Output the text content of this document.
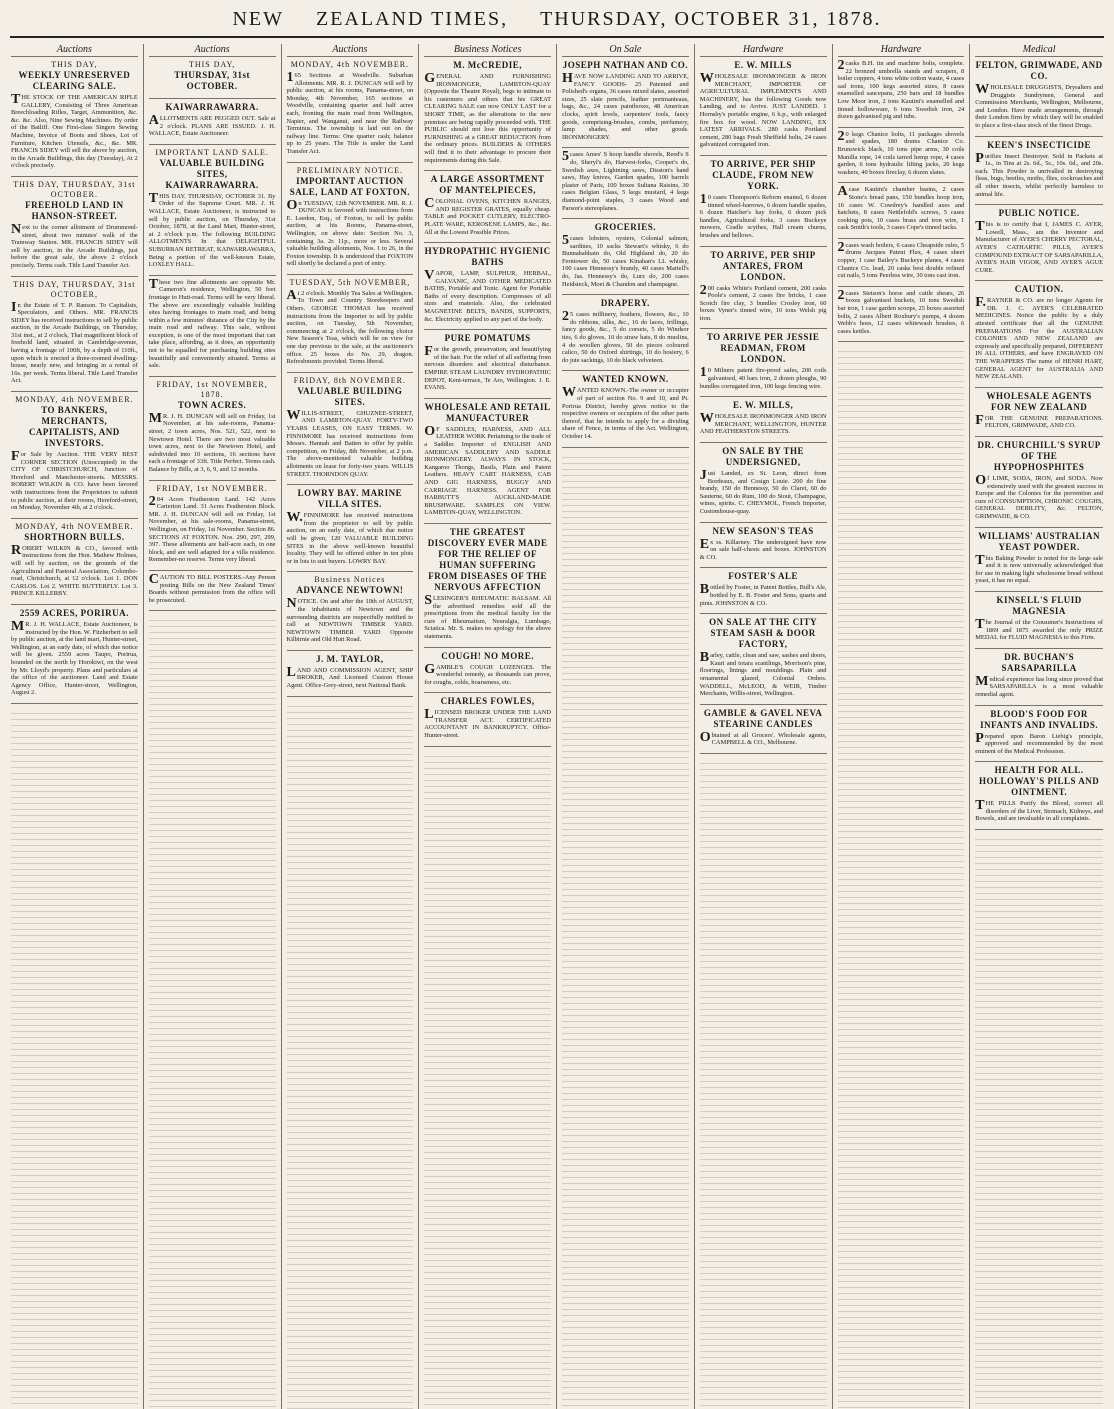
NEW ZEALAND TIMES, THURSDAY, OCTOBER 31, 1878.
Auctions
THIS DAY,
WEEKLY UNRESERVED CLEARING SALE.
THE STOCK OF THE AMERICAN RIFLE GALLERY, Consisting of Three American Breechloading Rifles, Target, Ammunition, &c. &c. &c. Also, Nine Sewing Machines. By order of the Bailiff. One First-class Singers Sewing Machine, Invoice of Boots and Shoes, Lot of Furniture, Kitchen Utensils, &c., &c. MR. FRANCIS SIDEY will sell the above by auction, in the Arcade Buildings, this day (Tuesday), At 2 o'clock precisely.
THIS DAY, THURSDAY, 31st OCTOBER.
FREEHOLD LAND IN HANSON-STREET.
Next to the corner allotment of Drummond-street, about two minutes' walk of the Tramway Station. MR. FRANCIS SIDEY will sell by auction, in the Arcade Buildings, just before the great sale, the above 2 o'clock precisely. Terms cash. Title Land Transfer Act.
THIS DAY, THURSDAY, 31st OCTOBER,
In the Estate of T. P. Ranson. To Capitalists, Speculators, and Others. MR. FRANCIS SIDEY has received instructions to sell by public auction, in the Arcade Buildings, on Thursday, 31st inst., at 2 o'clock, That magnificent block of freehold land, situated in Cambridge-avenue, having a frontage of 100ft, by a depth of 110ft., upon which is erected a three-roomed dwelling-house, nearly new, and bringing in a rental of 16s. per week. Terms liberal. Title Land Transfer Act.
MONDAY, 4th NOVEMBER.
TO BANKERS, MERCHANTS, CAPITALISTS, AND INVESTORS.
For Sale by Auction. THE VERY BEST CORNER SECTION (Unoccupied) in the CITY OF CHRISTCHURCH, Junction of Hereford and Manchester-streets. MESSRS. ROBERT WILKIN & CO. have been favored with instructions from the Proprietors to submit to public auction, at their rooms, Hereford-street, on Monday, November 4th, at 2 o'clock.
MONDAY, 4th NOVEMBER.
SHORTHORN BULLS.
ROBERT WILKIN & CO., favored with instructions from the Hon. Mathew Holmes, will sell by auction, on the grounds of the Agricultural and Pastoral Association, Colombo-road, Christchurch, at 12 o'clock. Lot 1. DON CARLOS. Lot 2. WHITE BUTTERFLY. Lot 3. PRINCE KILLERBY.
2559 ACRES, PORIRUA.
MR. J. H. WALLACE, Estate Auctioneer, is instructed by the Hon. W. Fitzherbert to sell by public auction, at the land mart, Hunter-street, Wellington, at an early date, of which due notice will be given. 2559 acres Taupo, Porirua, bounded on the north by Horokiwi, on the west by Mr. Lloyd's property. Plans and particulars at the office of the auctioneer. Land and Estate Agency Office, Hunter-street, Wellington, August 2.
Auctions
THIS DAY,
THURSDAY, 31st OCTOBER.
KAIWARRAWARRA.
ALLOTMENTS ARE PEGGED OUT. Sale at 2 o'clock. PLANS ARE ISSUED. J. H. WALLACE, Estate Auctioneer.
IMPORTANT LAND SALE.
VALUABLE BUILDING SITES, KAIWARRAWARRA.
THIS DAY. THURSDAY, OCTOBER 31. By Order of the Supreme Court. MR. J. H. WALLACE, Estate Auctioneer, is instructed to sell by public auction, on Thursday, 31st October, 1878, at the Land Mart, Hunter-street, at 2 o'clock p.m. The following BUILDING ALLOTMENTS In that DELIGHTFUL SUBURBAN RETREAT, KAIWARRAWARRA, Being a portion of the well-known Estate, LOXLEY HALL.
These two fine allotments are opposite Mr. Cameron's residence, Wellington, 50 feet frontage to Hutt-road. Terms will be very liberal. The above are exceedingly valuable building sites having frontages to main road, and being within a few minutes' distance of the City by the main road and railway. This sale, without exception, is one of the most important that can take place, affording, as it does, an opportunity not to be equalled for purchasing building sites beautifully and conveniently situated. Terms at sale.
FRIDAY, 1st NOVEMBER, 1878.
TOWN ACRES.
MR. J. H. DUNCAN will sell on Friday, 1st November, at his sale-rooms, Panama-street, 2 town acres, Nos. 521, 522, next to Newtown Hotel. There are two most valuable town acres, next to the Newtown Hotel, and subdivided into 10 sections, 16 sections have each a frontage of 33ft. Title Perfect. Terms cash. Balance by Bills, at 3, 6, 9, and 12 months.
FRIDAY, 1st NOVEMBER.
284 Acres Featherston Land. 142 Acres Carterton Land. 31 Acres Featherston Block. MR. J. H. DUNCAN will sell on Friday, 1st November, at his sale-rooms, Panama-street, Wellington, on Friday, 1st November. Section 86. SECTIONS AT FOXTON. Nos. 290, 297, 299, 397. These allotments are half-acre each, in one block, and are well adapted for a villa residence. Remember-no reserve. Terms very liberal.
CAUTION TO BILL POSTERS.-Any Person posting Bills on the New Zealand Times' Boards without permission from the office will be prosecuted.
Auctions
MONDAY, 4th NOVEMBER.
165 Sections at Woodville. Suburban Allotments. MR. R. J. DUNCAN will sell by public auction, at his rooms, Panama-street, on Monday, 4th November, 165 sections at Woodville, containing quarter and half acres each, fronting the main road from Wellington, Napier, and Wanganui, and near the Railway Terminus. The township is laid out on the railway line. Terms: One quarter cash; balance up to 25 years. The Title is under the Land Transfer Act.
PRELIMINARY NOTICE.
IMPORTANT AUCTION SALE, LAND AT FOXTON.
On TUESDAY, 12th NOVEMBER. MR. R. J. DUNCAN is favored with instructions from E. Leedon, Esq., of Foxton, to sell by public auction, at his Rooms, Panama-street, Wellington, on above date: Section No. 3, containing 3a. 2r. 11p., more or less. Several valuable building allotments, Nos. 1 to 26, in the Foxton township. It is understood that FOXTON will shortly be declared a port of entry.
TUESDAY, 5th NOVEMBER,
At 2 o'clock. Monthly Tea Sales at Wellington. To Town and Country Storekeepers and Others. GEORGE THOMAS has received instructions from the Importer to sell by public auction, on Tuesday, 5th November, commencing at 2 o'clock, the following choice New Season's Teas, which will be on view for one day previous to the sale, at the auctioneer's office. 25 boxes do No. 29, dragon. Refreshments provided. Terms liberal.
FRIDAY, 8th NOVEMBER.
VALUABLE BUILDING SITES.
WILLIS-STREET, GHUZNEE-STREET, AND LAMBTON-QUAY. FORTY-TWO YEARS LEASES, ON EASY TERMS. W. FINNIMORE has received instructions from Messrs. Hannah and Batten to offer by public competition, on Friday, 8th November, at 2 p.m. The above-mentioned valuable building allotments on lease for forty-two years. WILLIS STREET. THORNDON QUAY.
LOWRY BAY. MARINE VILLA SITES.
W.FINNIMORE has received instructions from the proprietor to sell by public auction, on an early date, of which due notice will be given, 120 VALUABLE BUILDING SITES in the above well-known beautiful locality. They will be offered either in ten plots or in lots to suit buyers. LOWRY BAY.
Business Notices
ADVANCE NEWTOWN!
NOTICE. On and after the 10th of AUGUST, the inhabitants of Newtown and the surrounding districts are respectfully notified to call at NEWTOWN TIMBER YARD. NEWTOWN TIMBER YARD Opposite Kilbirnie and Old Hutt Road.
J. M. TAYLOR,
LAND AND COMMISSION AGENT, SHIP BROKER, And Licensed Custom House Agent. Office-Grey-street, next National Bank.
Business Notices
M. McCREDIE,
GENERAL AND FURNISHING IRONMONGER, LAMBTON-QUAY (Opposite the Theatre Royal), begs to intimate to his customers and others that his GREAT CLEARING SALE can now ONLY LAST for a SHORT TIME, as the alterations to the new premises are being rapidly proceeded with. THE PUBLIC should not lose this opportunity of FURNISHING at a GREAT REDUCTION from the ordinary prices. BUILDERS & OTHERS will find it to their advantage to procure their requirements during this Sale.
A LARGE ASSORTMENT OF MANTELPIECES,
COLONIAL OVENS, KITCHEN RANGES, AND REGISTER GRATES, equally cheap. TABLE and POCKET CUTLERY, ELECTRO-PLATE WARE, KEROSENE LAMPS, &c., &c. All at the Lowest Possible Prices.
HYDROPATHIC HYGIENIC BATHS
VAPOR, LAMP, SULPHUR, HERBAL, GALVANIC, AND OTHER MEDICATED BATHS, Portable and Tonic. Agent for Portable Baths of every description. Compresses of all sizes and materials. Also, the celebrated MAGNETINE BELTS, BANDS, SUPPORTS, &c. Electricity applied to any part of the body.
PURE POMATUMS
For the growth, preservation, and beautifying of the hair. For the relief of all suffering from nervous disorders and electrical disturbance. EMPIRE STEAM LAUNDRY HYDROPATHIC DEPOT, Kent-terrace, Te Aro, Wellington. J. E. EVANS.
WHOLESALE AND RETAIL MANUFACTURER
OF SADDLES, HARNESS, AND ALL LEATHER WORK Pertaining to the trade of a Saddler. Importer of ENGLISH AND AMERICAN SADDLERY AND SADDLE IRONMONGERY. ALWAYS IN STOCK, Kangaroo Thongs, Basils, Plain and Patent Leathers. HEAVY CART HARNESS, CAB AND GIG HARNESS, BUGGY AND CARRIAGE HARNESS. AGENT FOR HARBUTT'S AUCKLAND-MADE BRUSHWARE. SAMPLES ON VIEW. LAMBTON-QUAY, WELLINGTON.
THE GREATEST DISCOVERY EVER MADE FOR THE RELIEF OF HUMAN SUFFERING FROM DISEASES OF THE NERVOUS AFFECTION
SLESINGER'S RHEUMATIC BALSAM. All the advertised remedies sold all the prescriptions from the medical faculty for the cure of Rheumatism, Neuralgia, Lumbago, Sciatica. Mr. S. makes no apology for the above statements.
COUGH! NO MORE.
GAMBLE'S COUGH LOZENGES. The wonderful remedy, as thousands can prove, for coughs, colds, hoarseness, etc.
CHARLES FOWLES,
LICENSED BROKER UNDER THE LAND TRANSFER ACT. CERTIFICATED ACCOUNTANT IN BANKRUPTCY. Office-Hunter-street.
On Sale
JOSEPH NATHAN AND CO.
HAVE NOW LANDING AND TO ARRIVE, FANCY GOODS- 25 Patented and Polished's organs, 36 cases mixed slates, assorted sizes, 25 slate pencils, leather portmanteaus, bags, &c., 24 cases paintboxes, 48 American clocks, spirit levels, carpenters' tools, fancy goods, comprising-brushes, combs, perfumery, lamp shades, and other goods. IRONMONGERY.
5cases Ames' S hoop handle shovels, Reed's S do, Sheryl's do, Harvest-forks, Cooper's do, Swedish axes, Lightning saws, Disston's hand saws, Hay knives, Garden spades, 100 barrels plaster of Paris, 100 boxes Sultana Raisins, 30 cases Belgian Glass, 5 kegs mustard, 4 kegs diamond-point staples, 3 cases Wood and Parson's stereoplanes.
GROCERIES.
5cases lobsters, oysters, Colonial salmon, sardines, 10 sacks Stewart's whisky, 6 do Bunnahabhain do, Old Highland do, 20 do Ferntower do, 50 cases Kinahan's LL whisky, 100 cases Hennessy's brandy, 40 cases Martell's do, Jas. Hennessy's do, Lurz do, 200 cases Heidsieck, Moet & Chandon and champagne.
DRAPERY.
25 cases millinery, feathers, flowers, &c., 10 do ribbons, silks, &c., 16 do laces, frillings, fancy goods, &c., 5 do corsets, 5 do Windsor ties, 6 do gloves, 10 do straw hats, 8 do muslins, 4 do woollen gloves, 50 do pieces coloured calico, 50 do Oxford shirtings, 10 do hosiery, 6 do jute sackings, 10 do black velveteen.
WANTED KNOWN.
WANTED KNOWN.-The owner or occupier of part of section No. 9 and 10, and Pt. Porirua District, hereby gives notice to the respective owners or occupiers of the other parts thereof, that he intends to apply for a dividing share of Fence, in terms of the Act. Wellington, October 14.
Hardware
E. W. MILLS
WHOLESALE IRONMONGER & IRON MERCHANT, IMPORTER OF AGRICULTURAL IMPLEMENTS AND MACHINERY, has the following Goods now Landing, and to Arrive. JUST LANDED. 1 Hornsby's portable engine, 6 h.p., with enlarged fire box for wood. NOW LANDING, EX LATEST ARRIVALS. 280 casks Portland cement, 280 bags Fresh Sheffield bolts, 24 cases galvanized corrugated iron.
TO ARRIVE, PER SHIP CLAUDE, FROM NEW YORK.
10 cases Thompson's Reform enamel, 6 dozen tinned wheel-barrows, 6 dozen handle spades, 6 dozen Hatcher's hay forks, 6 dozen pick handles, Agricultural forks, 3 cases Buckeye mowers, Cradle scythes, Hall cream churns, brushes and bellows.
TO ARRIVE, PER SHIP ANTARES, FROM LONDON.
200 casks White's Portland cement, 200 casks Poole's cement, 2 cases fire bricks, 1 case Scotch fire clay, 3 bundles Crosley iron, 60 boxes Vyner's tinned wire, 10 tons Welsh pig iron.
TO ARRIVE PER JESSIE READMAN, FROM LONDON.
10 Milners patent fire-proof safes, 200 coils galvanised, 40 bars iron, 2 dozen ploughs, 90 bundles corrugated iron, 100 kegs fencing wire.
E. W. MILLS,
WHOLESALE IRONMONGER AND IRON MERCHANT, WELLINGTON, HUNTER AND FEATHERSTON STREETS.
ON SALE BY THE UNDERSIGNED,
Just Landed, ex St. Leon, direct from Bordeaux, and Cosign Louie. 200 do fine brandy, 150 do Hennessy, 50 do Claret, 60 do Sauterne, 60 do Rum, 100 do Stout, Champagne, wines, spirits. C. CHEYMOL, French Importer, Customhouse-quay.
NEW SEASON'S TEAS
Ex ss. Killarney. The undersigned have now on sale half-chests and boxes. JOHNSTON & CO.
FOSTER'S ALE
Bottled by Foster, in Patent Bottles, Bull's Ale, bottled by E. B. Foster and Sons, quarts and pints. JOHNSTON & CO.
ON SALE AT THE CITY STEAM SASH & DOOR FACTORY,
Barley, cattle, clean and saw, sashes and doors, Kauri and totara scantlings, Morrison's pine, floorings, linings and mouldings. Plain and ornamental glazed, Colonial Orders. WADDELL, McLEOD, & WEIR, Timber Merchants, Willis-street, Wellington.
GAMBLE & GAVEL NEVA STEARINE CANDLES
Obtained at all Grocers'. Wholesale agents, CAMPBELL & CO., Melbourne.
Hardware
2casks B.H. tin and machine bolts, complete. 22 bronzed umbrella stands and scrapers, 8 boiler coppers, 4 tons white cotton waste, 4 cases sad irons, 100 kegs assorted sizes, 8 cases enamelled saucepans, 250 bars and 18 bundles Low Moor iron, 2 tons Kautini's enamelled and tinned hollowware, 6 tons Swedish iron, 24 dozen galvanised pig and tubs.
20 kegs Chanice bolts, 11 packages shovels and spades, 180 drums Chanice Co. Brunswick black, 10 tons pipe arms, 30 coils Manilla rope, 14 coils tarred hemp rope, 4 cases garden, 6 tons hydraulic lifting jacks, 20 kegs washers, 40 boxes fireclay, 6 dozen slates.
Acase Kautini's chamber basins, 2 cases Stone's bread pans, 150 bundles hoop iron, 16 cases W. Cowdrey's handled axes and hatchets, 8 cases Nettlefold's screws, 5 cases cooking pots, 10 cases brass and iron wire, 1 cask Smith's tools, 3 cases Cope's tinned tacks.
2cases wash boilers, 6 cases Cheapside rules, 5 drums Jacques Patent Flux, 4 cases sheet copper, 1 case Bailey's Buckeye planes, 4 cases Chanice Co. lead, 20 casks best double refined cut nails, 5 tons Peerless wire, 30 tons cast iron.
2cases Stetson's horse and cattle shears, 26 boxes galvanised buckets, 10 tons Swedish bar iron, 1 case garden scoops, 25 boxes assorted bolts, 2 cases Albert Roxbury's pumps, 4 dozen Webb's hoes, 12 cases whitewash brushes, 6 cases kettles.
Medical
FELTON, GRIMWADE, AND CO.
WHOLESALE DRUGGISTS, Drysalters and Druggists Sundrymen, General and Commission Merchants, Wellington, Melbourne, and London. Have made arrangements, through their London firm by which they will be enabled to place a first-class stock of the finest Drugs.
KEEN'S INSECTICIDE
Purifies Insect Destroyer. Sold in Packets at 1s., in Tins at 2s. 6d., 5s., 10s. 6d., and 20s. each. This Powder is unrivalled in destroying fleas, bugs, beetles, moths, flies, cockroaches and all other insects, whilst perfectly harmless to animal life.
PUBLIC NOTICE.
This is to certify that I, JAMES C. AYER, Lowell, Mass., am the Inventor and Manufacturer of AYER'S CHERRY PECTORAL, AYER'S CATHARTIC PILLS, AYER'S COMPOUND EXTRACT OF SARSAPARILLA, AYER'S HAIR VIGOR, AND AYER'S AGUE CURE.
CAUTION.
F.RAYNER & CO. are no longer Agents for DR. J. C. AYER'S CELEBRATED MEDICINES. Notice the public by a duly attested certificate that all the GENUINE PREPARATIONS For the AUSTRALIAN COLONIES AND NEW ZEALAND are expressly and specifically prepared, DIFFERENT IN ALL OTHERS, and have ENGRAVED ON THE WRAPPERS The name of HENRI HART, GENERAL AGENT for AUSTRALIA AND NEW ZEALAND.
WHOLESALE AGENTS FOR NEW ZEALAND
FOR THE GENUINE PREPARATIONS. FELTON, GRIMWADE, AND CO.
DR. CHURCHILL'S SYRUP OF THE HYPOPHOSPHITES
Of LIME, SODA, IRON, and SODA. Now extensively used with the greatest success in Europe and the Colonies for the prevention and cure of CONSUMPTION, CHRONIC COUGHS, GENERAL DEBILITY, &c. FELTON, GRIMWADE, & CO.
WILLIAMS' AUSTRALIAN YEAST POWDER.
This Baking Powder is noted for its large sale and it is now universally acknowledged that for use in making light wholesome bread without yeast, it has no equal.
KINSELL'S FLUID MAGNESIA
The Journal of the Consumer's Instructions of 1869 and 1875 awarded the only PRIZE MEDAL for FLUID MAGNESIA to this Firm.
DR. BUCHAN'S SARSAPARILLA
Medical experience has long since proved that SARSAPARILLA is a most valuable remedial agent.
BLOOD'S FOOD FOR INFANTS AND INVALIDS.
Prepared upon Baron Liebig's principle, approved and recommended by the most eminent of the Medical Profession.
HEALTH FOR ALL. HOLLOWAY'S PILLS AND OINTMENT.
THE PILLS Purify the Blood, correct all disorders of the Liver, Stomach, Kidneys, and Bowels, and are invaluable in all complaints.
